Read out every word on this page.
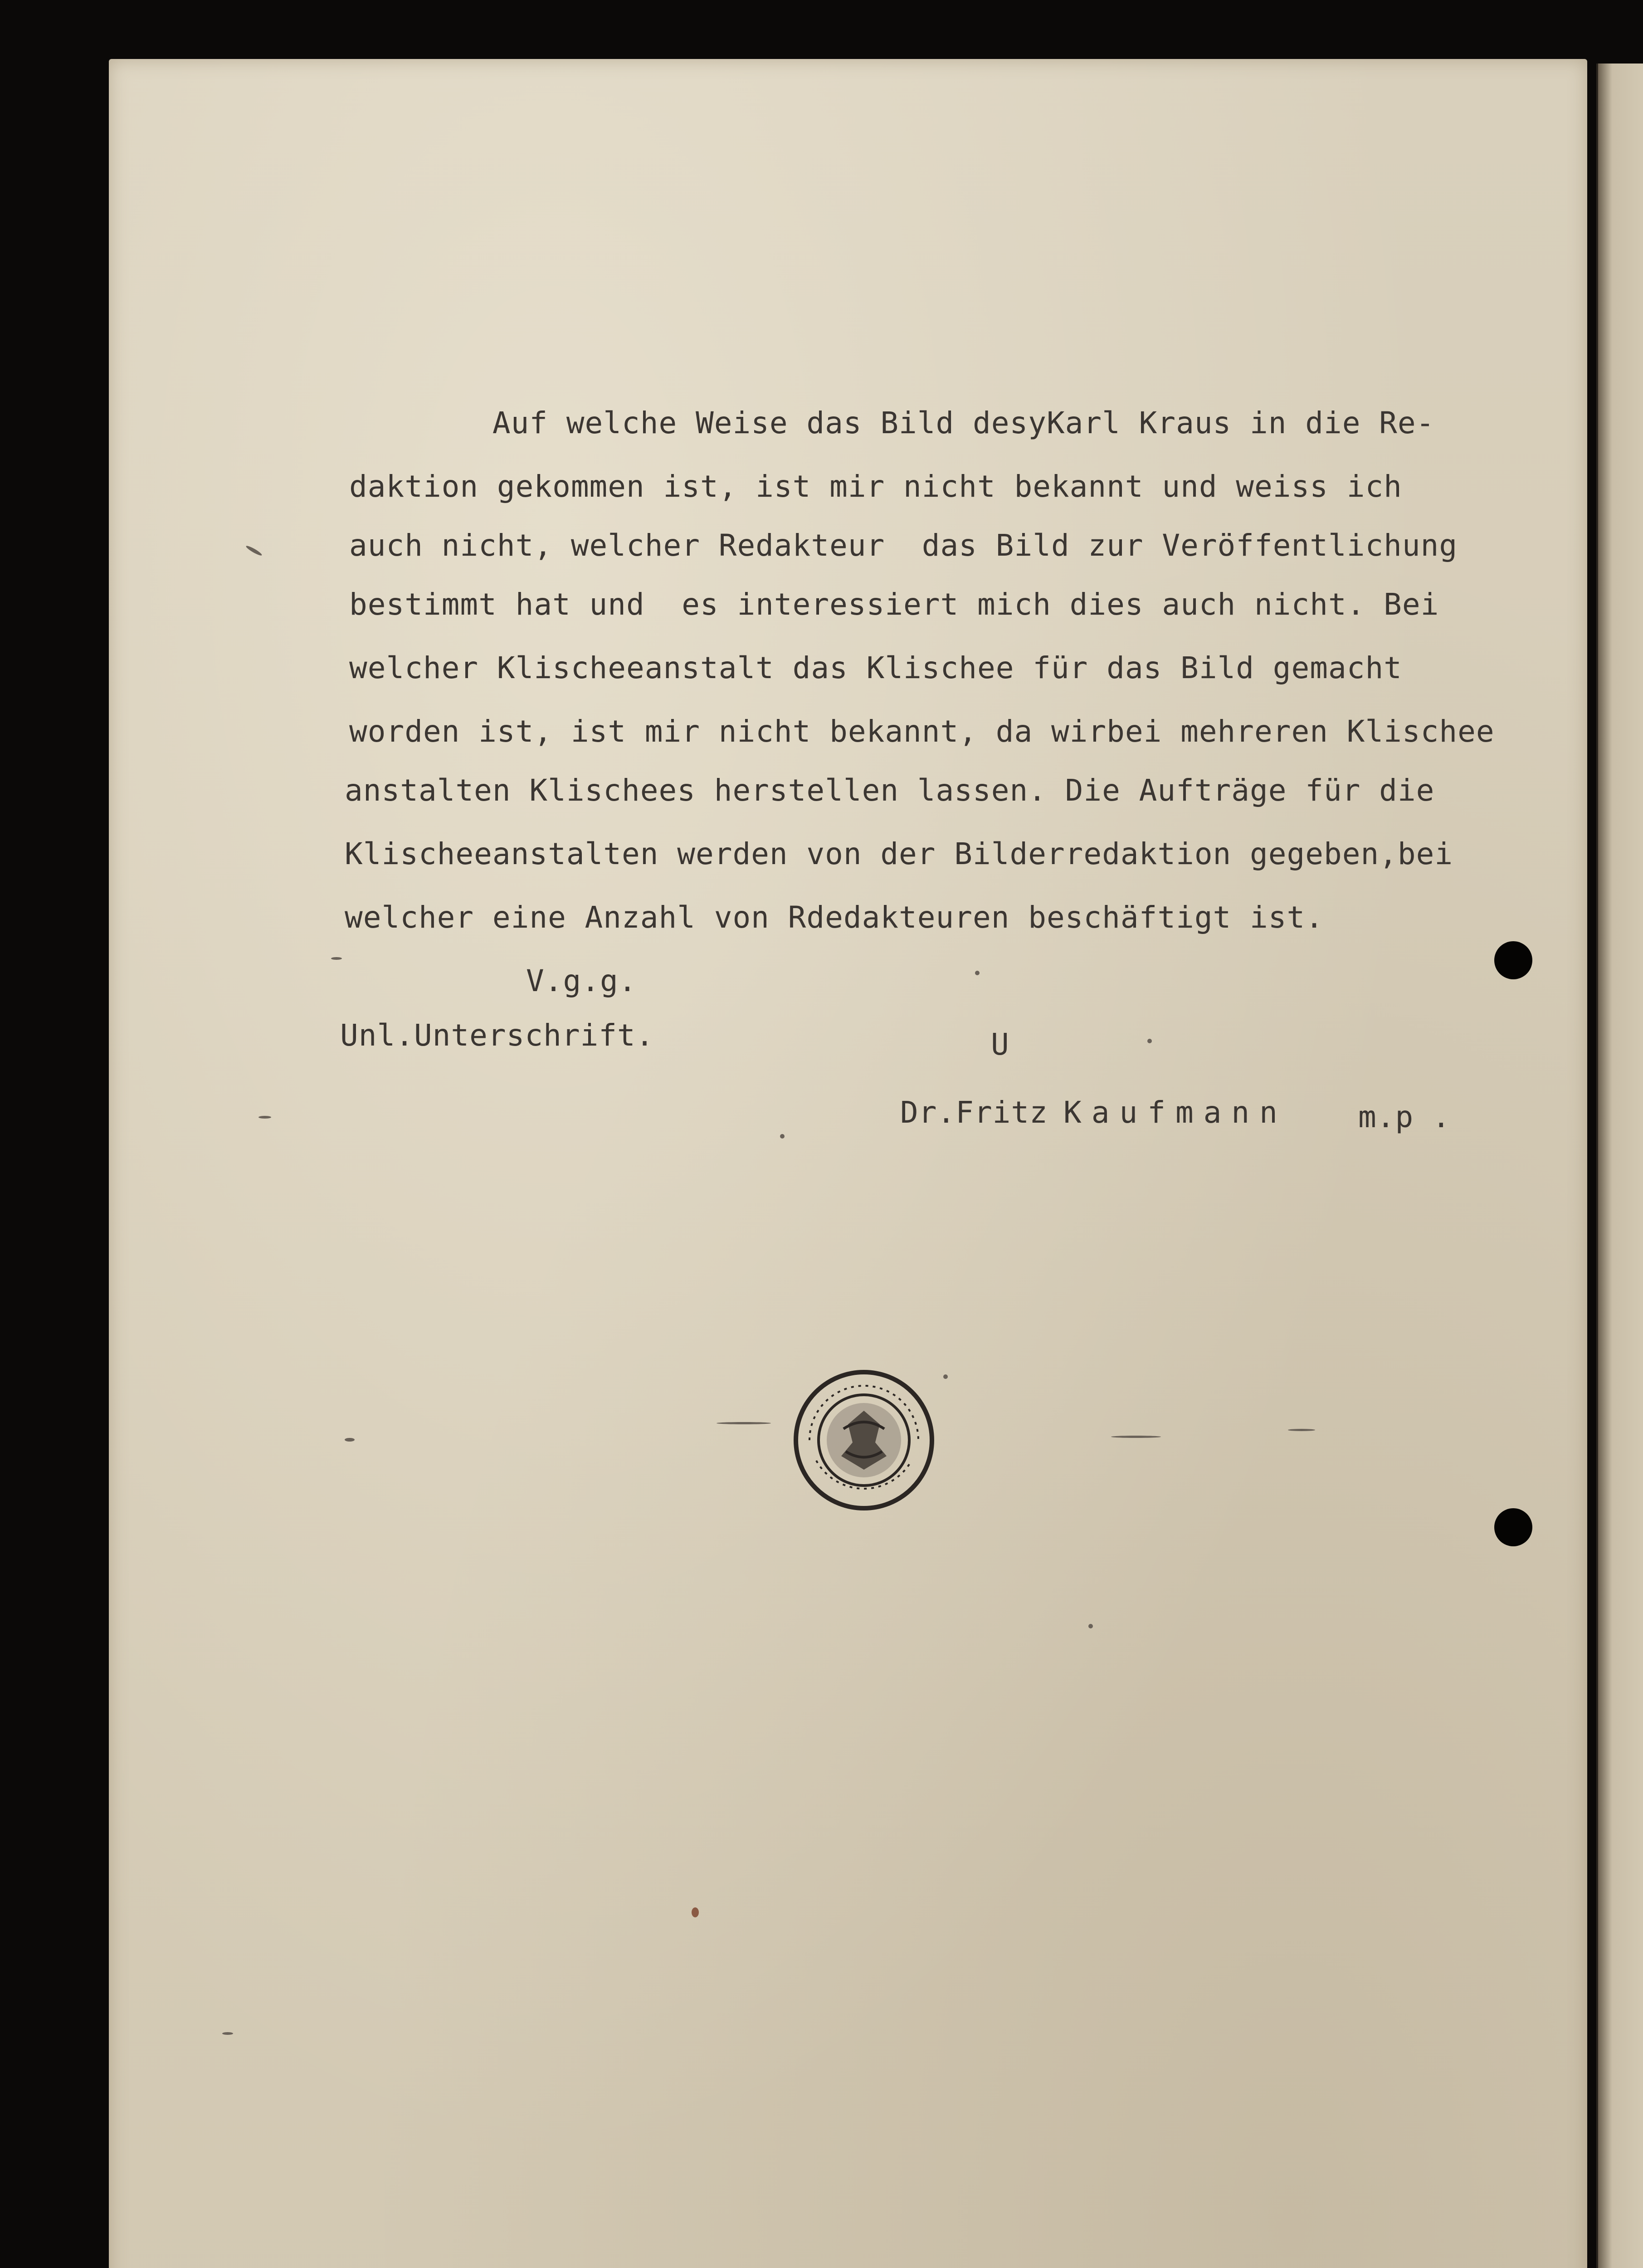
Auf welche Weise das Bild desyKarl Kraus in die Re-
daktion gekommen ist, ist mir nicht bekannt und weiss ich
auch nicht, welcher Redakteur  das Bild zur Veröffentlichung
bestimmt hat und  es interessiert mich dies auch nicht. Bei
welcher Klischeeanstalt das Klischee für das Bild gemacht
worden ist, ist mir nicht bekannt, da wirbei mehreren Klischee
anstalten Klischees herstellen lassen. Die Aufträge für die
Klischeeanstalten werden von der Bilderredaktion gegeben,bei
welcher eine Anzahl von Rdedakteuren beschäftigt ist.
V.g.g.
Unl.Unterschrift.	U
Dr.Fritz Kaufmann m.p .
